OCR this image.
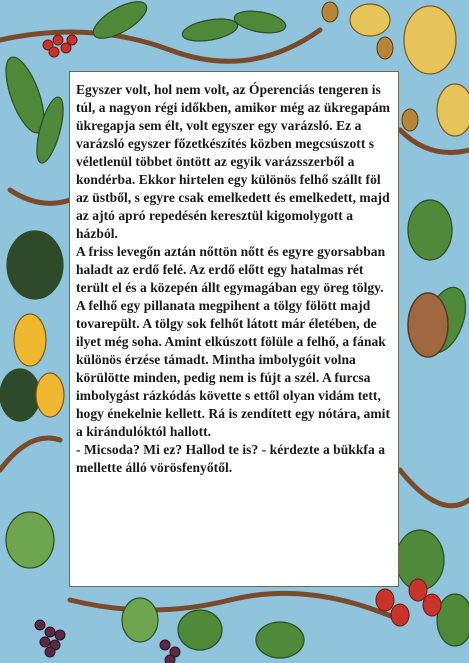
Egyszer volt, hol nem volt, az Óperenciás tengeren is túl, a nagyon régi időkben, amikor még az ükregapám ükregapja sem élt, volt egyszer egy varázsló. Ez a varázsló egyszer főzetkészítés közben megcsúszott s véletlenül többet öntött az egyik varázsszerből a kondérba. Ekkor hirtelen egy különös felhő szállt föl az üstből, s egyre csak emelkedett és emelkedett, majd az ajtó apró repedésén keresztül kigomolygott a házból.

A friss levegőn aztán nőttön nőtt és egyre gyorsabban haladt az erdő felé. Az erdő előtt egy hatalmas rét terült el és a közepén állt egymagában egy öreg tölgy. A felhő egy pillanata megpihent a tölgy fölött majd tovarepült. A tölgy sok felhőt látott már életében, de ilyet még soha. Amint elkúszott fölüle a felhő, a fának különös érzése támadt. Mintha imbolygóit volna körülötte minden, pedig nem is fújt a szél. A furcsa imbolygást rázkódás követte s ettől olyan vidám tett, hogy énekelnie kellett. Rá is zendített egy nótára, amit a kirándulóktól hallott.

- Micsoda? Mi ez? Hallod te is? - kérdezte a bükkfa a mellette álló vörösfenyőtől.
